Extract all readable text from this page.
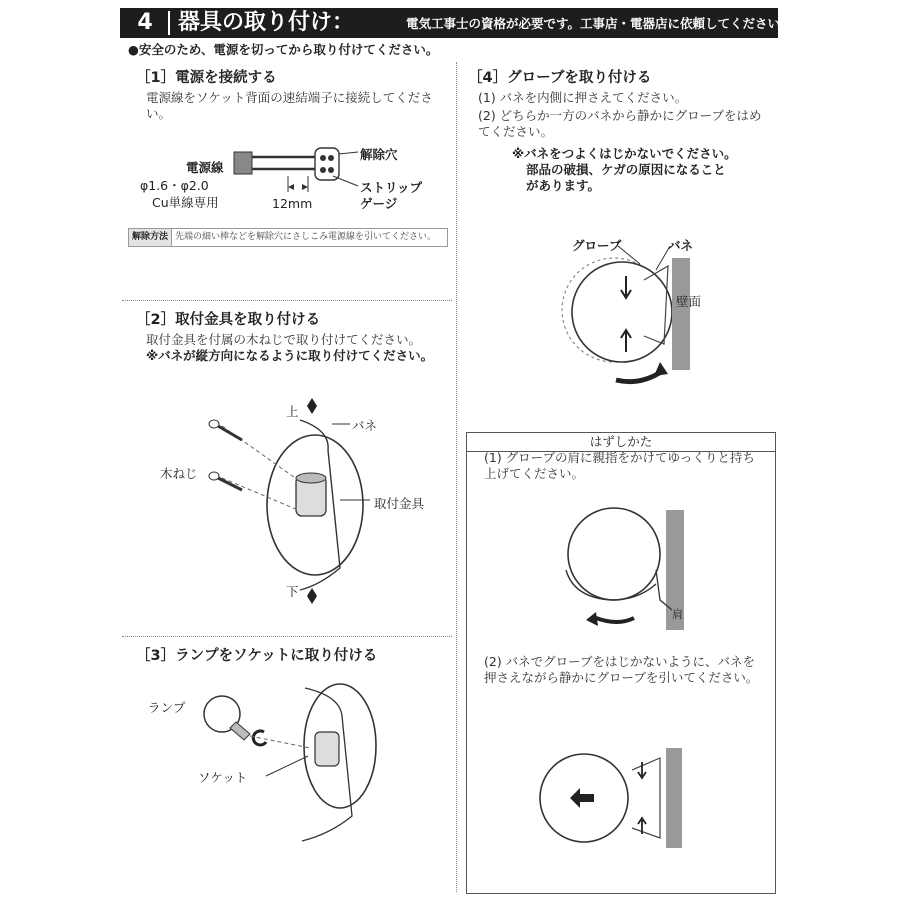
4	器具の取り付け：	電気工事士の資格が必要です。工事店・電器店に依頼してください。
●安全のため、電源を切ってから取り付けてください。
［1］電源を接続する
電源線をソケット背面の速結端子に接続してください。
電源線
φ1.6・φ2.0
Cu単線専用
解除穴
ストリップ
ゲージ
12mm
解除方法 先端の細い棒などを解除穴にさしこみ電源線を引いてください。
［2］取付金具を取り付ける
取付金具を付属の木ねじで取り付けてください。
※バネが縦方向になるように取り付けてください。
上
下
バネ
木ねじ
取付金具
［3］ランプをソケットに取り付ける
ランプ
ソケット
［4］グローブを取り付ける
(1) バネを内側に押さえてください。
(2) どちらか一方のバネから静かにグローブをはめてください。
※バネをつよくはじかないでください。
部品の破損、ケガの原因になること
があります。
グローブ	バネ
壁面
はずしかた
(1) グローブの肩に親指をかけてゆっくりと持ち上げてください。
肩
(2) バネでグローブをはじかないように、バネを押さえながら静かにグローブを引いてください。
